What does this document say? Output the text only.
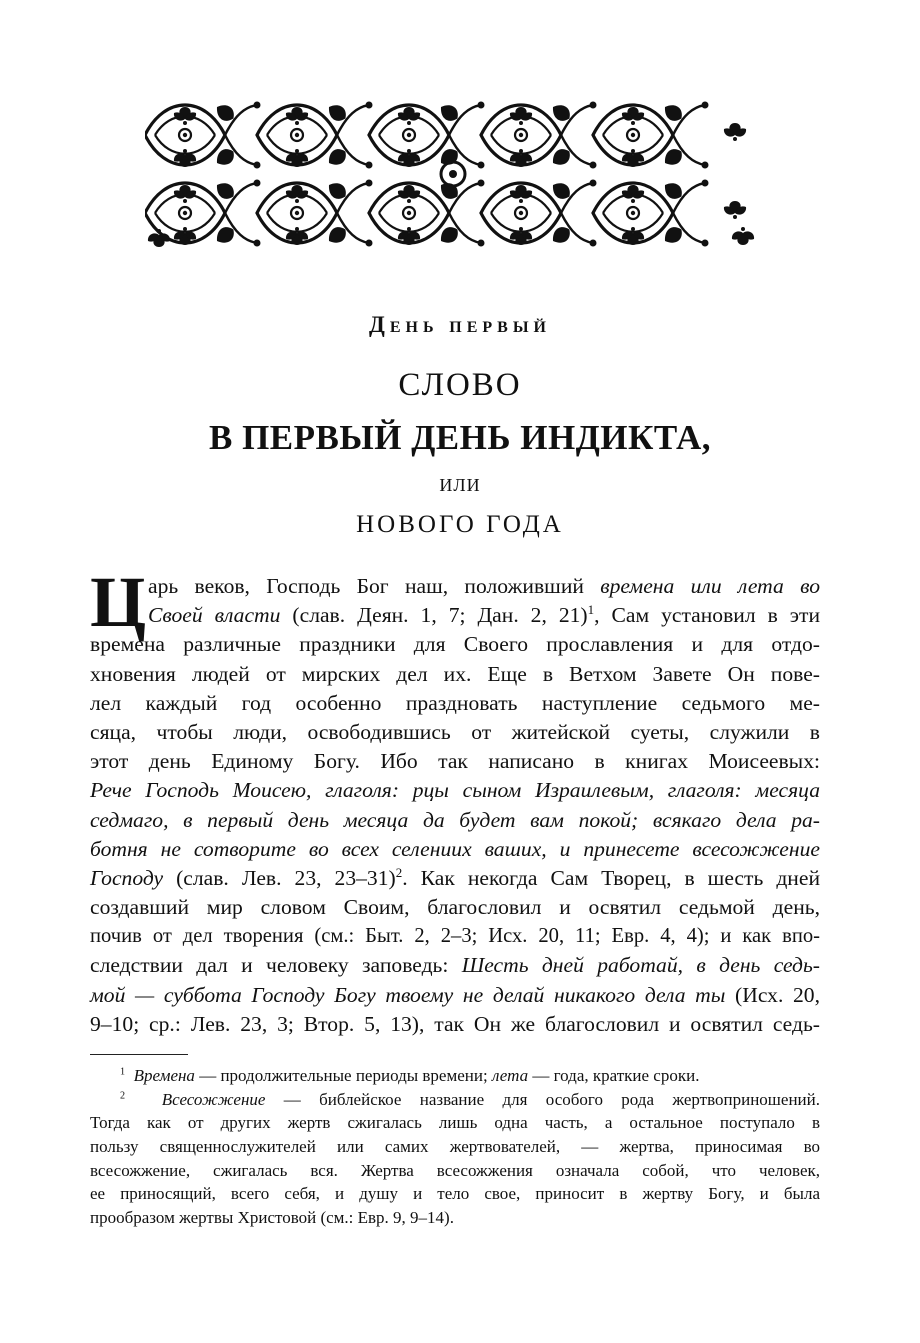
День первый
СЛОВО
В ПЕРВЫЙ ДЕНЬ ИНДИКТА,
или
НОВОГО ГОДА
Ц арь веков, Господь Бог наш, положивший времена или лета во
Своей власти (слав. Деян. 1, 7; Дан. 2, 21)$^1$, Сам установил в эти
времена различные праздники для Своего прославления и для отдо-
хновения людей от мирских дел их. Еще в Ветхом Завете Он пове-
лел каждый год особенно праздновать наступление седьмого ме-
сяца, чтобы люди, освободившись от житейской суеты, служили в
этот день Единому Богу. Ибо так написано в книгах Моисеевых:
Рече Господь Моисею, глаголя: рцы сыном Израилевым, глаголя: месяца
седмаго, в первый день месяца да будет вам покой; всякаго дела ра-
ботня не сотворите во всех селениих ваших, и принесете всесожжение
Господу (слав. Лев. 23, 23–31)$^2$. Как некогда Сам Творец, в шесть дней
создавший мир словом Своим, благословил и освятил седьмой день,
почив от дел творения (см.: Быт. 2, 2–3; Исх. 20, 11; Евр. 4, 4); и как впо-
следствии дал и человеку заповедь: Шесть дней работай, в день седь-
мой — суббота Господу Богу твоему не делай никакого дела ты (Исх. 20,
9–10; ср.: Лев. 23, 3; Втор. 5, 13), так Он же благословил и освятил седь-
$^1$ Времена — продолжительные периоды времени; лета — года, краткие сроки.
$^2$ Всесожжение — библейское название для особого рода жертвоприношений.
Тогда как от других жертв сжигалась лишь одна часть, а остальное поступало в
пользу священнослужителей или самих жертвователей, — жертва, приносимая во
всесожжение, сжигалась вся. Жертва всесожжения означала собой, что человек,
ее приносящий, всего себя, и душу и тело свое, приносит в жертву Богу, и была
прообразом жертвы Христовой (см.: Евр. 9, 9–14).
